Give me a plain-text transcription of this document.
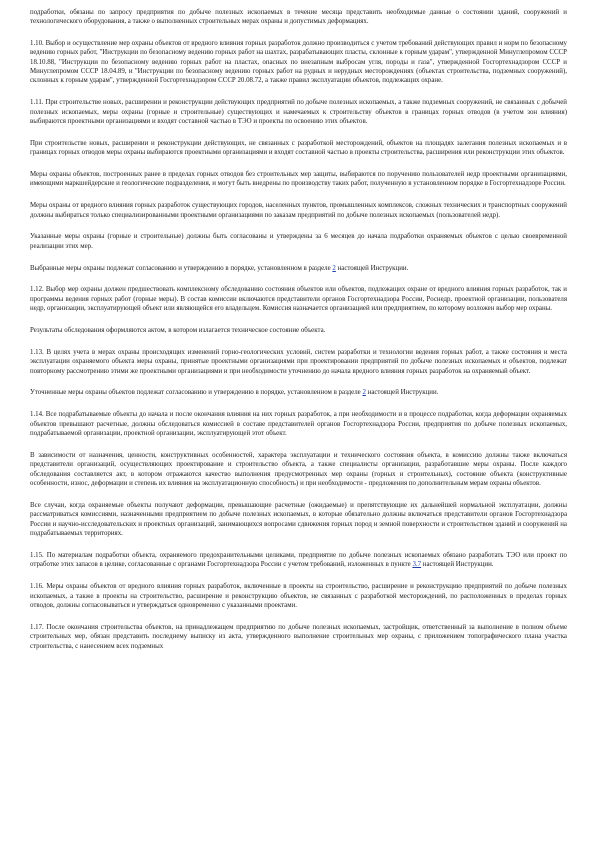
подработки, обязаны по запросу предприятия по добыче полезных ископаемых в течение месяца представить необходимые данные о состоянии зданий, сооружений и технологического оборудования, а также о выполненных строительных мерах охраны и допустимых деформациях.

1.10. Выбор и осуществление мер охраны объектов от вредного влияния горных разработок должно производиться с учетом требований действующих правил и норм по безопасному ведению горных работ, "Инструкции по безопасному ведению горных работ на шахтах, разрабатывающих пласты, склонные к горным ударам", утвержденной Минуглепромом СССР 18.10.88, "Инструкции по безопасному ведению горных работ на пластах, опасных по внезапным выбросам угля, породы и газа", утвержденной Госгортехнадзором СССР и Минуглепромом СССР 18.04.89, и "Инструкции по безопасному ведению горных работ на рудных и нерудных месторождениях (объектах строительства, подземных сооружений), склонных к горным ударам", утвержденной Госгортехнадзором СССР 20.08.72, а также правил эксплуатации объектов, подлежащих охране.

1.11. При строительстве новых, расширении и реконструкции действующих предприятий по добыче полезных ископаемых, а также подземных сооружений, не связанных с добычей полезных ископаемых, меры охраны (горные и строительные) существующих и намечаемых к строительству объектов в границах горных отводов (в учетом зон влияния) выбираются проектными организациями и входят составной частью в ТЭО и проекты по освоению этих объектов.

При строительстве новых, расширении и реконструкции действующих, не связанных с разработкой месторождений, объектов на площадях залегания полезных ископаемых и в границах горных отводов меры охраны выбираются проектными организациями и входят составной частью в проекты строительства, расширения или реконструкции этих объектов.

Меры охраны объектов, построенных ранее в пределах горных отводов без строительных мер защиты, выбираются по поручению пользователей недр проектными организациями, имеющими маркшейдерские и геологические подразделения, и могут быть внедрены по производству таких работ, полученную в установленном порядке в Госгортехнадзоре России.

Меры охраны от вредного влияния горных разработок существующих городов, населенных пунктов, промышленных комплексов, сложных технических и транспортных сооружений должны выбираться только специализированными проектными организациями по заказам предприятий по добыче полезных ископаемых (пользователей недр).

Указанные меры охраны (горные и строительные) должны быть согласованы и утверждены за 6 месяцев до начала подработки охраняемых объектов с целью своевременной реализации этих мер.

Выбранные меры охраны подлежат согласованию и утверждению в порядке, установленном в разделе 2 настоящей Инструкции.

1.12. Выбор мер охраны должен предшествовать комплексному обследованию состояния объектов или объектов, подлежащих охране от вредного влияния горных разработок, так и программы ведения горных работ (горные меры). В состав комиссии включаются представители органов Госгортехнадзора России, Роснедр, проектной организации, пользователя недр, организации, эксплуатирующей объект или являющейся его владельцем. Комиссия назначается организацией или предприятием, по которому возложен выбор мер охраны.

Результаты обследования оформляются актом, в котором излагается техническое состояние объекта.

1.13. В целях учета в мерах охраны происходящих изменений горно-геологических условий, систем разработки и технологии ведения горных работ, а также состояния и места эксплуатации охраняемого объекта меры охраны, принятые проектными организациями при проектировании предприятий по добыче полезных ископаемых и объектов, подлежат повторному рассмотрению этими же проектными организациями и при необходимости уточнению до начала вредного влияния горных разработок на охраняемый объект.

Уточненные меры охраны объектов подлежат согласованию и утверждению в порядке, установленном в разделе 2 настоящей Инструкции.

1.14. Все подрабатываемые объекты до начала и после окончания влияния на них горных разработок, а при необходимости и в процессе подработки, когда деформации охраняемых объектов превышают расчетные, должны обследоваться комиссией в составе представителей органов Госгортехнадзора России, предприятия по добыче полезных ископаемых, подрабатываемой организации, проектной организации, эксплуатирующей этот объект.

В зависимости от назначения, ценности, конструктивных особенностей, характера эксплуатации и технического состояния объекта, в комиссию должны также включаться представители организаций, осуществляющих проектирование и строительство объекта, а также специалисты организации, разработавшие меры охраны. После каждого обследования составляется акт, в котором отражаются качество выполнения предусмотренных мер охраны (горных и строительных), состояние объекта (конструктивные особенности, износ, деформации и степень их влияния на эксплуатационную способность) и при необходимости - предложения по дополнительным мерам охраны объектов.

Все случаи, когда охраняемые объекты получают деформации, превышающие расчетные (ожидаемые) и препятствующие их дальнейшей нормальной эксплуатации, должны рассматриваться комиссиями, назначенными предприятием по добыче полезных ископаемых, в которые обязательно должны включаться представители органов Госгортехнадзора России и научно-исследовательских и проектных организаций, занимающихся вопросами сдвижения горных пород и земной поверхности и строительством зданий и сооружений на подрабатываемых территориях.

1.15. По материалам подработки объекта, охраняемого предохранительными целиками, предприятие по добыче полезных ископаемых обязано разработать ТЭО или проект по отработке этих запасов в целике, согласованные с органами Госгортехнадзора России с учетом требований, изложенных в пункте 3.7 настоящей Инструкции.

1.16. Меры охраны объектов от вредного влияния горных разработок, включенные в проекты на строительство, расширение и реконструкцию предприятий по добыче полезных ископаемых, а также в проекты на строительство, расширение и реконструкцию объектов, не связанных с разработкой месторождений, по расположенных в пределах горных отводов, должны согласовываться и утверждаться одновременно с указанными проектами.

1.17. После окончания строительства объектов, на принадлежащем предприятию по добыче полезных ископаемых, застройщик, ответственный за выполнение в полном объеме строительных мер, обязан представить последнему выписку из акта, утвержденного выполнение строительных мер охраны, с приложением топографического плана участка строительства, с нанесением всех подземных
